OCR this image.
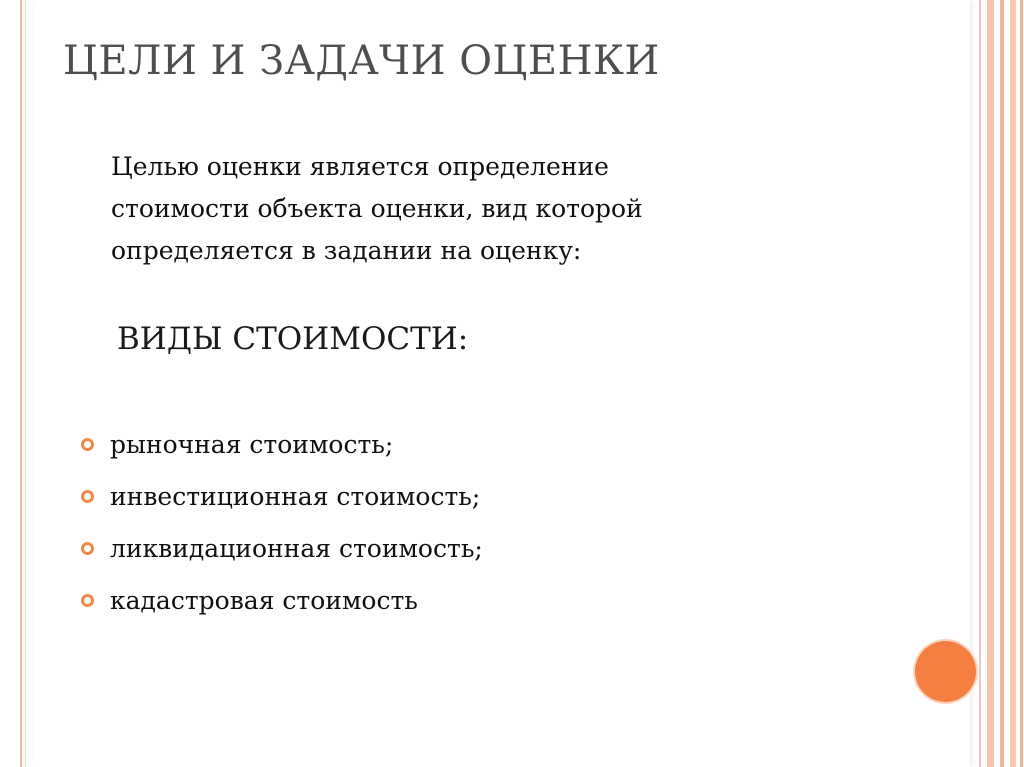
ЦЕЛИ И ЗАДАЧИ ОЦЕНКИ
Целью оценки является определение
стоимости объекта оценки, вид которой
определяется в задании на оценку:
ВИДЫ СТОИМОСТИ:
рыночная стоимость;
инвестиционная стоимость;
ликвидационная стоимость;
кадастровая стоимость
